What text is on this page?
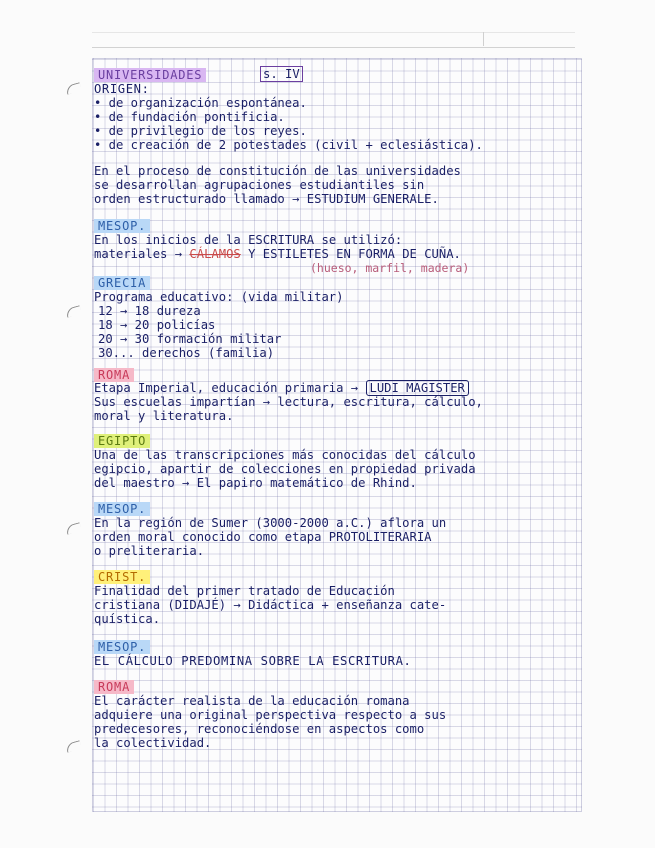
UNIVERSIDADES	s. IV
ORIGEN:
• de organización espontánea.
• de fundación pontificia.
• de privilegio de los reyes.
• de creación de 2 potestades (civil + eclesiástica).
En el proceso de constitución de las universidades
se desarrollan agrupaciones estudiantiles sin
orden estructurado llamado → ESTUDIUM GENERALE.
MESOP.
En los inicios de la ESCRITURA se utilizó:
materiales → CÁLAMOS Y ESTILETES EN FORMA DE CUÑA.
(hueso, marfil, madera)
GRECIA
Programa educativo: (vida militar)
12 → 18 dureza
18 → 20 policías
20 → 30 formación militar
30... derechos (familia)
ROMA
Etapa Imperial, educación primaria → LUDI MAGISTER
Sus escuelas impartían → lectura, escritura, cálculo,
moral y literatura.
EGIPTO
Una de las transcripciones más conocidas del cálculo
egipcio, apartir de colecciones en propiedad privada
del maestro → El papiro matemático de Rhind.
MESOP.
En la región de Sumer (3000-2000 a.C.) aflora un
orden moral conocido como etapa PROTOLITERARIA
o preliteraria.
CRIST.
Finalidad del primer tratado de Educación
cristiana (DIDAJÉ) → Didáctica + enseñanza cate-
quística.
MESOP.
EL CÁLCULO PREDOMINA SOBRE LA ESCRITURA.
ROMA
El carácter realista de la educación romana
adquiere una original perspectiva respecto a sus
predecesores, reconociéndose en aspectos como
la colectividad.
